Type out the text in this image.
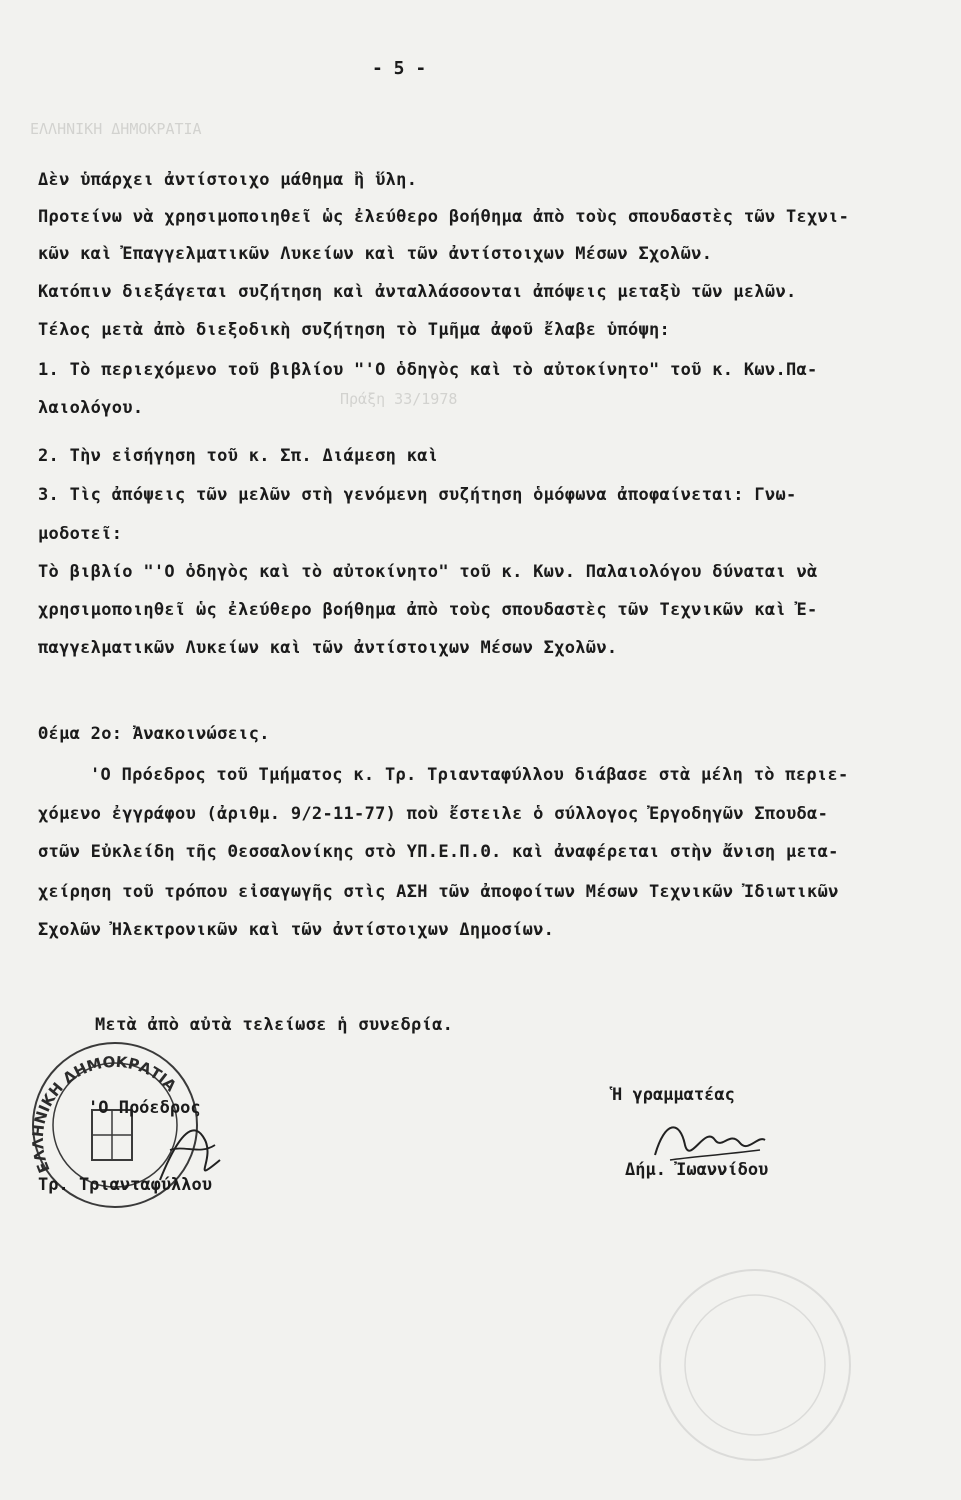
ΕΛΛΗΝΙΚΗ ΔΗΜΟΚΡΑΤΙΑ
Πράξη 33/1978
- 5 -
Δὲν ὑπάρχει ἀντίστοιχο μάθημα ἢ ὕλη.
Προτείνω νὰ χρησιμοποιηθεῖ ὡς ἐλεύθερο βοήθημα ἀπὸ τοὺς σπουδαστὲς τῶν Τεχνι-
κῶν καὶ Ἐπαγγελματικῶν Λυκείων καὶ τῶν ἀντίστοιχων Μέσων Σχολῶν.
Κατόπιν διεξάγεται συζήτηση καὶ ἀνταλλάσσονται ἀπόψεις μεταξὺ τῶν μελῶν.
Τέλος μετὰ ἀπὸ διεξοδικὴ συζήτηση τὸ Τμῆμα ἀφοῦ ἔλαβε ὑπόψη:
1. Τὸ περιεχόμενο τοῦ βιβλίου "'Ο ὁδηγὸς καὶ τὸ αὐτοκίνητο" τοῦ κ. Κων.Πα-
λαιολόγου.
2. Τὴν εἰσήγηση τοῦ κ. Σπ. Διάμεση καὶ
3. Τὶς ἀπόψεις τῶν μελῶν στὴ γενόμενη συζήτηση ὁμόφωνα ἀποφαίνεται: Γνω-
μοδοτεῖ:
Τὸ βιβλίο "'Ο ὁδηγὸς καὶ τὸ αὐτοκίνητο" τοῦ κ. Κων. Παλαιολόγου δύναται νὰ
χρησιμοποιηθεῖ ὡς ἐλεύθερο βοήθημα ἀπὸ τοὺς σπουδαστὲς τῶν Τεχνικῶν καὶ Ἐ-
παγγελματικῶν Λυκείων καὶ τῶν ἀντίστοιχων Μέσων Σχολῶν.
Θέμα 2ο: Ἀνακοινώσεις.
'Ο Πρόεδρος τοῦ Τμήματος κ. Τρ. Τριανταφύλλου διάβασε στὰ μέλη τὸ περιε-
χόμενο ἐγγράφου (ἀριθμ. 9/2-11-77) ποὺ ἔστειλε ὁ σύλλογος Ἐργοδηγῶν Σπουδα-
στῶν Εὐκλείδη τῆς Θεσσαλονίκης στὸ ΥΠ.Ε.Π.Θ. καὶ ἀναφέρεται στὴν ἄνιση μετα-
χείρηση τοῦ τρόπου εἰσαγωγῆς στὶς ΑΣΗ τῶν ἀποφοίτων Μέσων Τεχνικῶν Ἰδιωτικῶν
Σχολῶν Ἠλεκτρονικῶν καὶ τῶν ἀντίστοιχων Δημοσίων.
Μετὰ ἀπὸ αὐτὰ τελείωσε ἡ συνεδρία.
ΕΛΛΗΝΙΚΗ ΔΗΜΟΚΡΑΤΙΑ
'Ο Πρόεδρος
Τρ. Τριανταφύλλου
Ἡ γραμματέας
Δήμ. Ἰωαννίδου
